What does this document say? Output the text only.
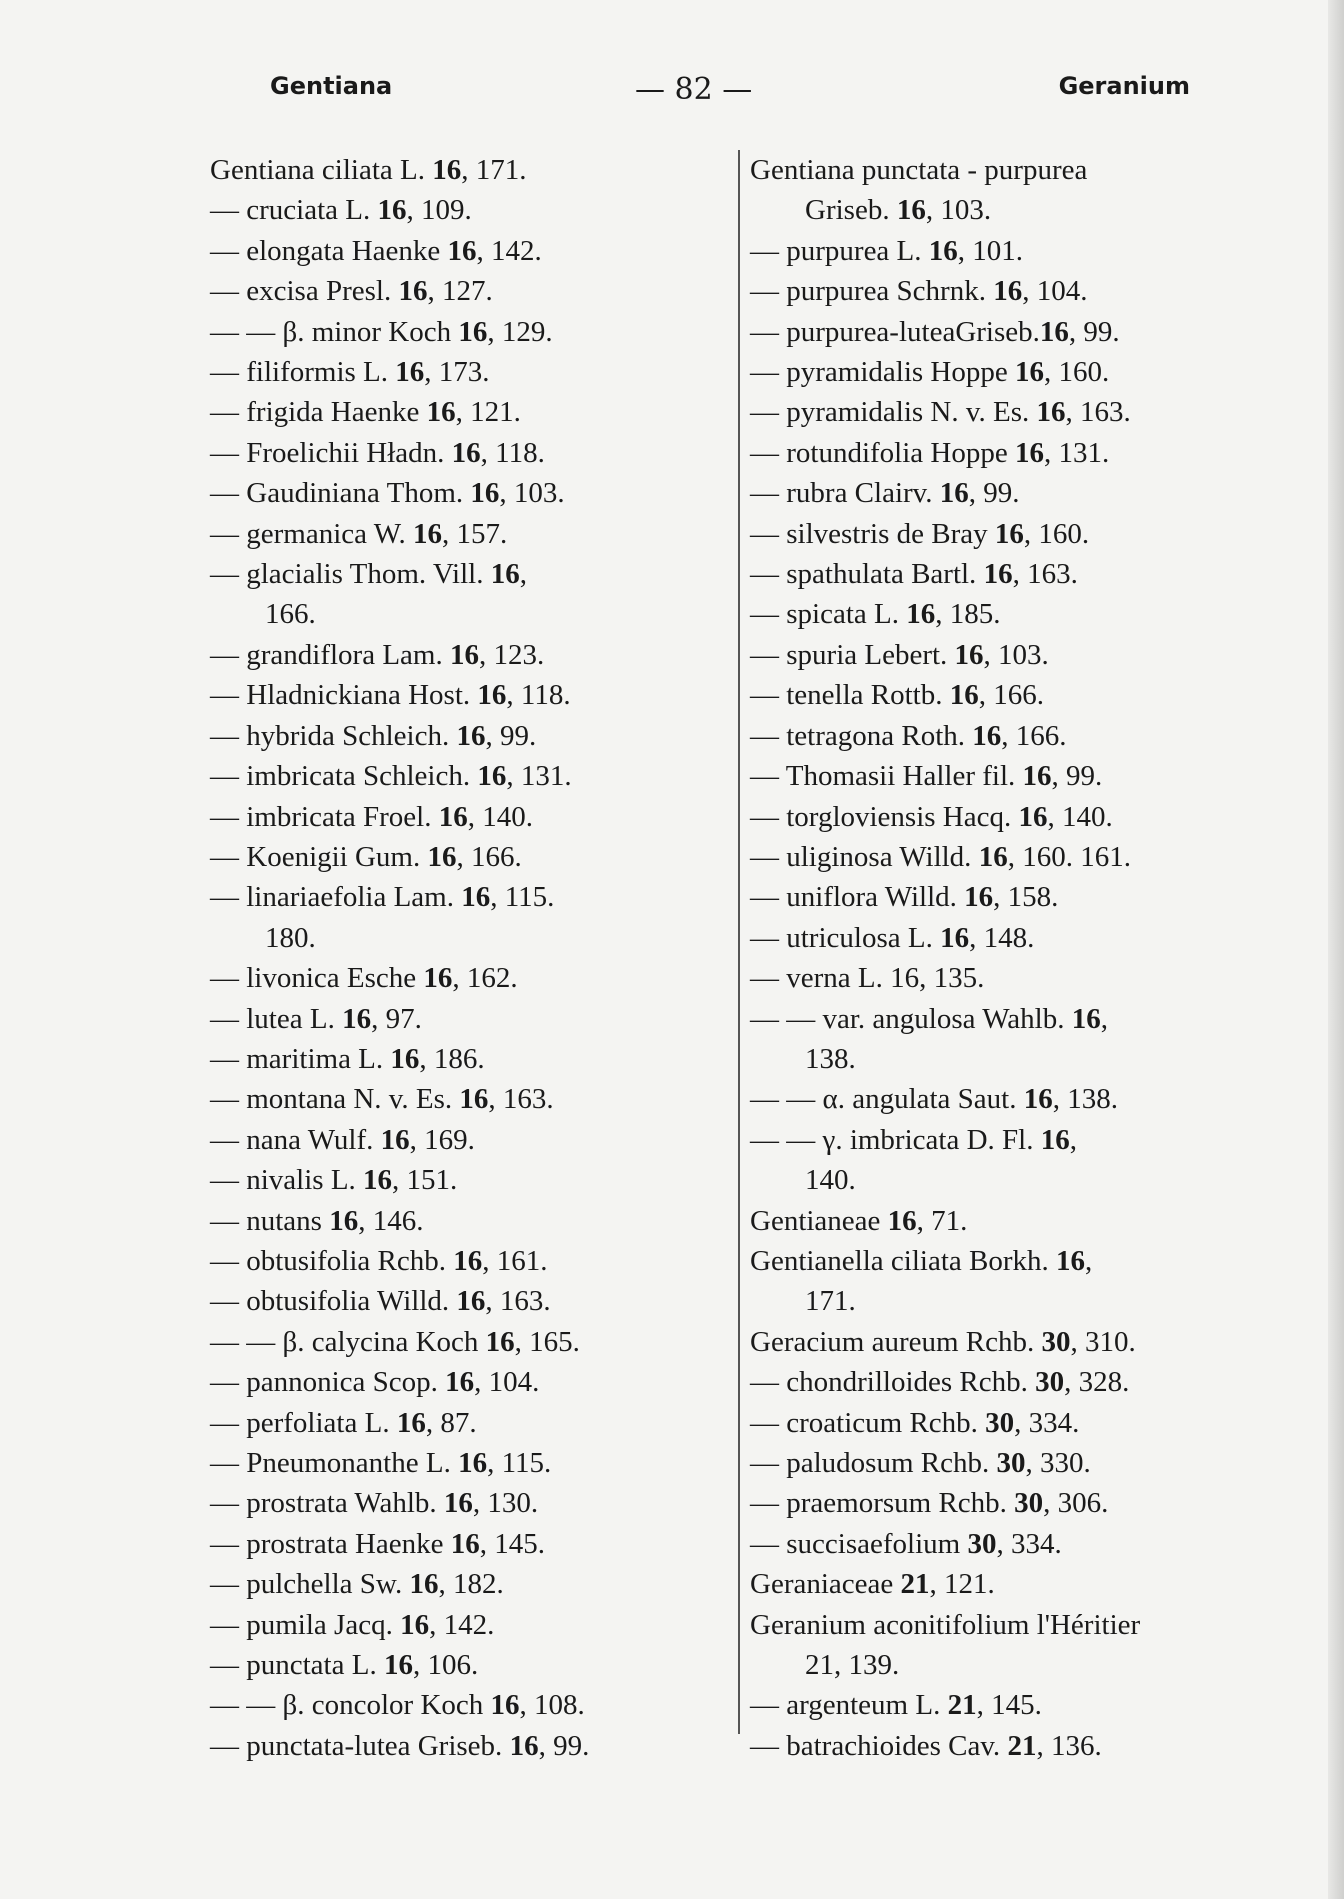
Gentiana	— 82 —	Geranium
Gentiana ciliata L. 16, 171.
— cruciata L. 16, 109.
— elongata Haenke 16, 142.
— excisa Presl. 16, 127.
— — β. minor Koch 16, 129.
— filiformis L. 16, 173.
— frigida Haenke 16, 121.
— Froelichii Hładn. 16, 118.
— Gaudiniana Thom. 16, 103.
— germanica W. 16, 157.
— glacialis Thom. Vill. 16,
166.
— grandiflora Lam. 16, 123.
— Hladnickiana Host. 16, 118.
— hybrida Schleich. 16, 99.
— imbricata Schleich. 16, 131.
— imbricata Froel. 16, 140.
— Koenigii Gum. 16, 166.
— linariaefolia Lam. 16, 115.
180.
— livonica Esche 16, 162.
— lutea L. 16, 97.
— maritima L. 16, 186.
— montana N. v. Es. 16, 163.
— nana Wulf. 16, 169.
— nivalis L. 16, 151.
— nutans 16, 146.
— obtusifolia Rchb. 16, 161.
— obtusifolia Willd. 16, 163.
— — β. calycina Koch 16, 165.
— pannonica Scop. 16, 104.
— perfoliata L. 16, 87.
— Pneumonanthe L. 16, 115.
— prostrata Wahlb. 16, 130.
— prostrata Haenke 16, 145.
— pulchella Sw. 16, 182.
— pumila Jacq. 16, 142.
— punctata L. 16, 106.
— — β. concolor Koch 16, 108.
— punctata-lutea Griseb. 16, 99.
Gentiana punctata - purpurea
Griseb. 16, 103.
— purpurea L. 16, 101.
— purpurea Schrnk. 16, 104.
— purpurea-luteaGriseb.16, 99.
— pyramidalis Hoppe 16, 160.
— pyramidalis N. v. Es. 16, 163.
— rotundifolia Hoppe 16, 131.
— rubra Clairv. 16, 99.
— silvestris de Bray 16, 160.
— spathulata Bartl. 16, 163.
— spicata L. 16, 185.
— spuria Lebert. 16, 103.
— tenella Rottb. 16, 166.
— tetragona Roth. 16, 166.
— Thomasii Haller fil. 16, 99.
— torgloviensis Hacq. 16, 140.
— uliginosa Willd. 16, 160. 161.
— uniflora Willd. 16, 158.
— utriculosa L. 16, 148.
— verna L. 16, 135.
— — var. angulosa Wahlb. 16,
138.
— — α. angulata Saut. 16, 138.
— — γ. imbricata D. Fl. 16,
140.
Gentianeae 16, 71.
Gentianella ciliata Borkh. 16,
171.
Geracium aureum Rchb. 30, 310.
— chondrilloides Rchb. 30, 328.
— croaticum Rchb. 30, 334.
— paludosum Rchb. 30, 330.
— praemorsum Rchb. 30, 306.
— succisaefolium 30, 334.
Geraniaceae 21, 121.
Geranium aconitifolium l'Héritier
21, 139.
— argenteum L. 21, 145.
— batrachioides Cav. 21, 136.
